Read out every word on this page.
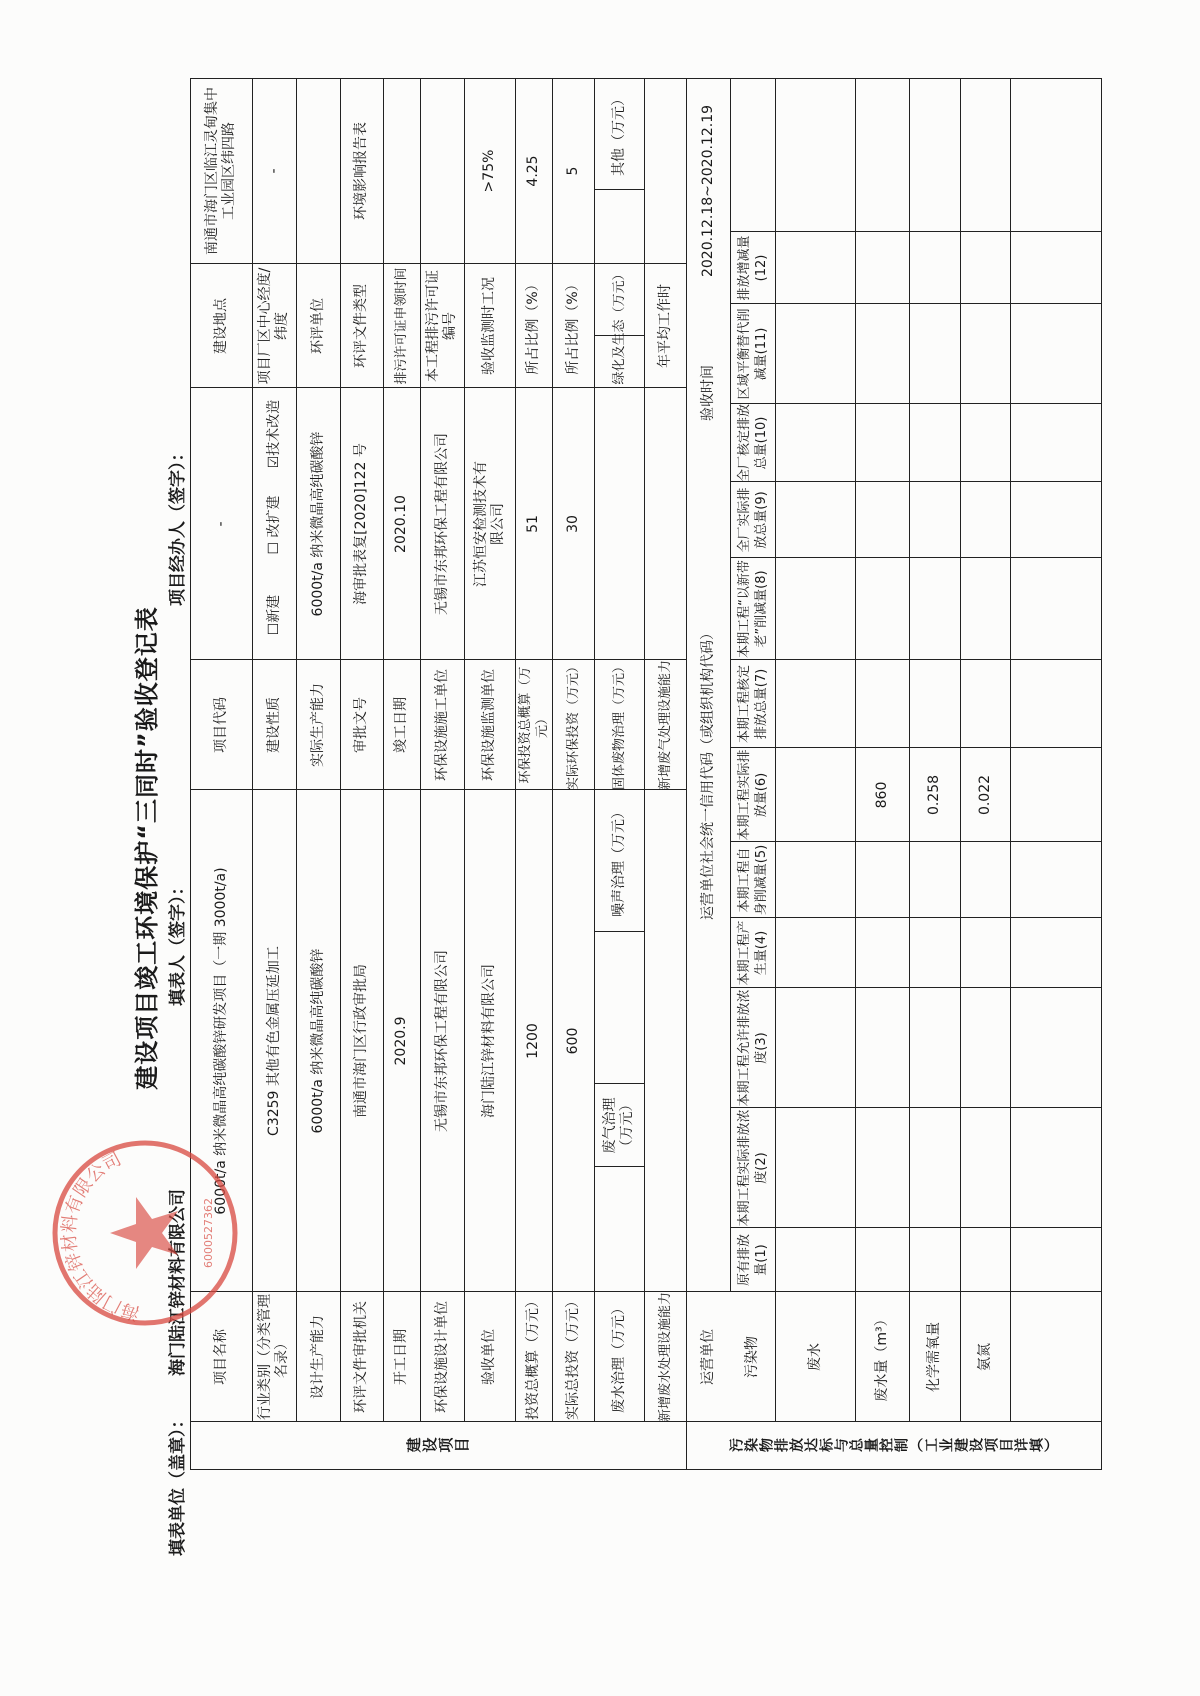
建设项目竣工环境保护“三同时”验收登记表
填表单位（盖章）：
海门陆江锌材料有限公司
填表人（签字）：
项目经办人（签字）：
建设项目	污染物排放达标与总量控制（工业建设项目详填）
项目名称
6000t/a 纳米微晶高纯碳酸锌研发项目（一期 3000t/a)
项目代码
-
建设地点
南通市海门区临江灵甸集中工业园区纬四路
行业类别（分类管理名录）
C3259 其他有色金属压延加工
建设性质
☐新建
☐ 改扩建
☑技术改造
项目厂区中心经度/纬度
-
设计生产能力
6000t/a 纳米微晶高纯碳酸锌
实际生产能力
6000t/a 纳米微晶高纯碳酸锌
环评单位
环评文件审批机关
南通市海门区行政审批局
审批文号
海审批表复[2020]122 号
环评文件类型
环境影响报告表
开工日期
2020.9
竣工日期
2020.10
排污许可证申领时间
环保设施设计单位
无锡市东邦环保工程有限公司
环保设施施工单位
无锡市东邦环保工程有限公司
本工程排污许可证编号
验收单位
海门陆江锌材料有限公司
环保设施监测单位
江苏恒安检测技术有限公司
验收监测时工况
>75%
投资总概算（万元）
1200
环保投资总概算（万元）
51
所占比例（%）
4.25
实际总投资（万元）
600
实际环保投资（万元）
30
所占比例（%）
5
废水治理（万元）
废气治理（万元）
噪声治理（万元）
固体废物治理（万元）
绿化及生态（万元）
其他（万元）
新增废水处理设施能力
新增废气处理设施能力
年平均工作时
运营单位
运营单位社会统一信用代码（或组织机构代码）
验收时间
2020.12.18~2020.12.19
污染物
原有排放量(1)
本期工程实际排放浓度(2)
本期工程允许排放浓度(3)
本期工程产生量(4)
本期工程自身削减量(5)
本期工程实际排放量(6)
本期工程核定排放总量(7)
本期工程“以新带老”削减量(8)
全厂实际排放总量(9)
全厂核定排放总量(10)
区域平衡替代削减量(11)
排放增减量(12)
废水	废水量（m³）
860
化学需氧量
0.258
氨氮
0.022
海门陆江锌材料有限公司
6000527362
